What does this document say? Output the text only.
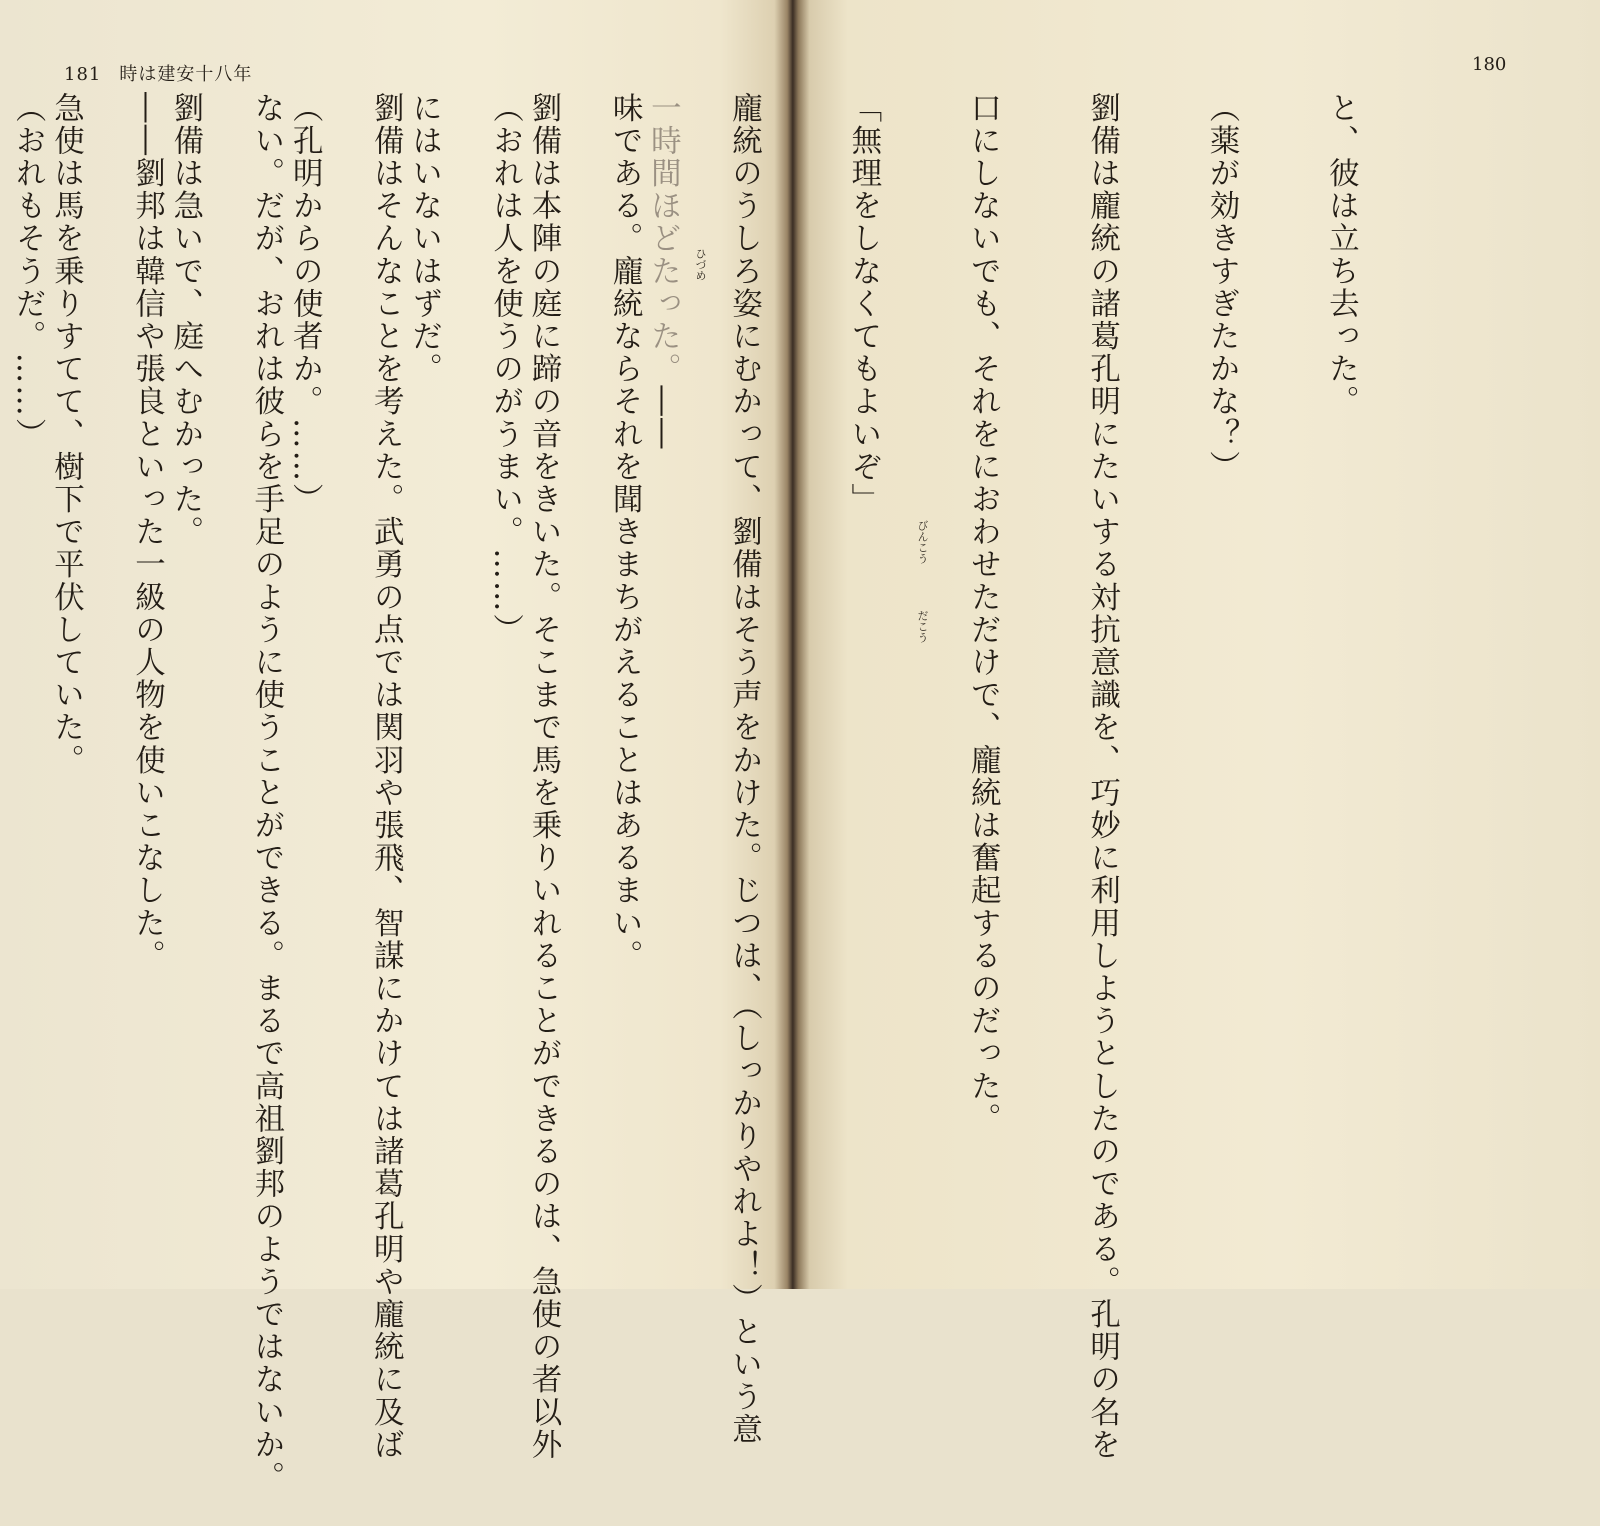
181 時は建安十八年

一時間ほどたった。――

劉備は本陣の庭に蹄の音をきいた。そこまで馬を乗りいれることができるのは、急使の者以外

にはいないはずだ。

（孔明からの使者か。……）

劉備は急いで、庭へむかった。

急使は馬を乗りすてて、樹下で平伏していた。

	ひづめ
180

と、彼は立ち去った。

（薬が効きすぎたかな？）

劉備は龐統の諸葛孔明にたいする対抗意識を、巧妙に利用しようとしたのである。孔明の名を

口にしないでも、それをにおわせただけで、龐統は奮起するのだった。

「無理をしなくてもよいぞ」

龐統のうしろ姿にむかって、劉備はそう声をかけた。じつは、（しっかりやれよ！）という意

味である。龐統ならそれを聞きまちがえることはあるまい。

（おれは人を使うのがうまい。……）

劉備はそんなことを考えた。武勇の点では関羽や張飛、智謀にかけては諸葛孔明や龐統に及ば

ない。だが、おれは彼らを手足のように使うことができる。まるで高祖劉邦のようではないか。

――劉邦は韓信や張良といった一級の人物を使いこなした。

（おれもそうだ。……）

びんこう
だこう
